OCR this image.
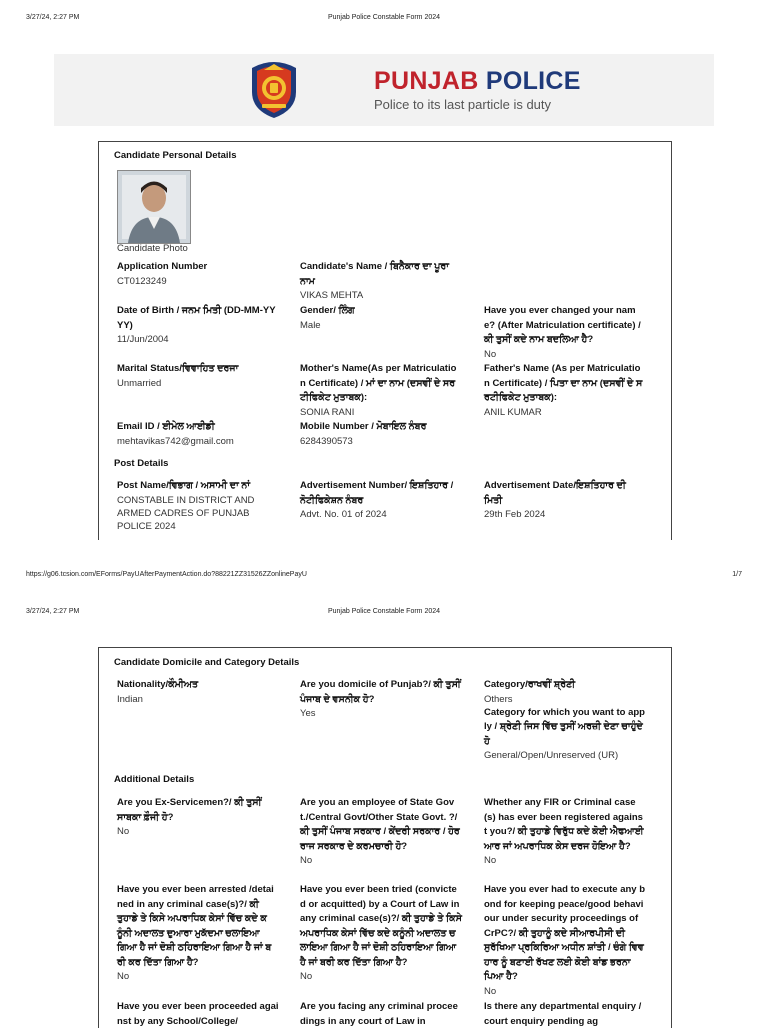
3/27/24, 2:27 PM	Punjab Police Constable Form 2024
PUNJAB POLICE
Police to its last particle is duty
Candidate Personal Details
Candidate Photo
Application Number
CT0123249
Candidate's Name / ਬਿਨੈਕਾਰ ਦਾ ਪੂਰਾ ਨਾਮ
VIKAS MEHTA
Date of Birth / ਜਨਮ ਮਿਤੀ (DD-MM-YYYY)
11/Jun/2004
Gender/ ਲਿੰਗ
Male
Have you ever changed your name? (After Matriculation certificate) / ਕੀ ਤੁਸੀਂ ਕਦੇ ਨਾਮ ਬਦਲਿਆ ਹੈ?
No
Marital Status/ਵਿਵਾਹਿਤ ਦਰਜਾ
Unmarried
Mother's Name(As per Matriculation Certificate) / ਮਾਂ ਦਾ ਨਾਮ (ਦਸਵੀਂ ਦੇ ਸਰਟੀਫਿਕੇਟ ਮੁਤਾਬਕ):
SONIA RANI
Father's Name (As per Matriculation Certificate) / ਪਿਤਾ ਦਾ ਨਾਮ (ਦਸਵੀਂ ਦੇ ਸਰਟੀਫਿਕੇਟ ਮੁਤਾਬਕ):
ANIL KUMAR
Email ID / ਈਮੇਲ ਆਈਡੀ
mehtavikas742@gmail.com
Mobile Number / ਮੋਬਾਇਲ ਨੰਬਰ
6284390573
Post Details
Post Name/ਵਿਭਾਗ / ਅਸਾਮੀ ਦਾ ਨਾਂ
CONSTABLE IN DISTRICT AND ARMED CADRES OF PUNJAB POLICE 2024
Advertisement Number/ ਇਸ਼ਤਿਹਾਰ / ਨੋਟੀਫਿਕੇਸ਼ਨ ਨੰਬਰ
Advt. No. 01 of 2024
Advertisement Date/ਇਸ਼ਤਿਹਾਰ ਦੀ ਮਿਤੀ
29th Feb 2024
https://g06.tcsion.com/EForms/PayUAfterPaymentAction.do?88221ZZ31526ZZonlinePayU	1/7
3/27/24, 2:27 PM	Punjab Police Constable Form 2024
Candidate Domicile and Category Details
Nationality/ਕੌਮੀਅਤ
Indian
Are you domicile of Punjab?/ ਕੀ ਤੁਸੀਂ ਪੰਜਾਬ ਦੇ ਵਸਨੀਕ ਹੋ?
Yes
Category/ਰਾਖਵੀਂ ਸ਼੍ਰੇਣੀ
Others
Category for which you want to apply / ਸ਼੍ਰੇਣੀ ਜਿਸ ਵਿੱਚ ਤੁਸੀਂ ਅਰਜ਼ੀ ਦੇਣਾ ਚਾਹੁੰਦੇ ਹੋ
General/Open/Unreserved (UR)
Additional Details
Are you Ex-Servicemen?/ ਕੀ ਤੁਸੀਂ ਸਾਬਕਾ ਫ਼ੌਜੀ ਹੋ?
No
Are you an employee of State Govt./Central Govt/Other State Govt. ?/ ਕੀ ਤੁਸੀਂ ਪੰਜਾਬ ਸਰਕਾਰ / ਕੇਂਦਰੀ ਸਰਕਾਰ / ਹੋਰ ਰਾਜ ਸਰਕਾਰ ਦੇ ਕਰਮਚਾਰੀ ਹੋ?
No
Whether any FIR or Criminal case(s) has ever been registered against you?/ ਕੀ ਤੁਹਾਡੇ ਵਿਰੁੱਧ ਕਦੇ ਕੋਈ ਐਫਆਈਆਰ ਜਾਂ ਅਪਰਾਧਿਕ ਕੇਸ ਦਰਜ ਹੋਇਆ ਹੈ?
No
Have you ever been arrested /detained in any criminal case(s)?/ ਕੀ ਤੁਹਾਡੇ ਤੇ ਕਿਸੇ ਅਪਰਾਧਿਕ ਕੇਸਾਂ ਵਿੱਚ ਕਦੇ ਕਨੂੰਨੀ ਅਦਾਲਤ ਦੁਆਰਾ ਮੁਕੱਦਮਾ ਚਲਾਇਆ ਗਿਆ ਹੈ ਜਾਂ ਦੋਸ਼ੀ ਠਹਿਰਾਇਆ ਗਿਆ ਹੈ ਜਾਂ ਬਰੀ ਕਰ ਦਿੱਤਾ ਗਿਆ ਹੈ?
No
Have you ever been tried (convicted or acquitted) by a Court of Law in any criminal case(s)?/ ਕੀ ਤੁਹਾਡੇ ਤੇ ਕਿਸੇ ਅਪਰਾਧਿਕ ਕੇਸਾਂ ਵਿੱਚ ਕਦੇ ਕਨੂੰਨੀ ਅਦਾਲਤ ਚਲਾਇਆ ਗਿਆ ਹੈ ਜਾਂ ਦੋਸ਼ੀ ਠਹਿਰਾਇਆ ਗਿਆ ਹੈ ਜਾਂ ਬਰੀ ਕਰ ਦਿੱਤਾ ਗਿਆ ਹੈ?
No
Have you ever had to execute any bond for keeping peace/good behaviour under security proceedings of CrPC?/ ਕੀ ਤੁਹਾਨੂੰ ਕਦੇ ਸੀਆਰਪੀਸੀ ਦੀ ਸੁਰੱਖਿਆ ਪ੍ਰਕਿਰਿਆ ਅਧੀਨ ਸ਼ਾਂਤੀ / ਚੰਗੇ ਵਿਵਹਾਰ ਨੂੰ ਬਣਾਈ ਰੱਖਣ ਲਈ ਕੋਈ ਬਾਂਡ ਭਰਨਾ ਪਿਆ ਹੈ?
No
Have you ever been proceeded against by any School/College/
Are you facing any criminal proceedings in any court of Law in
Is there any departmental enquiry / court enquiry pending ag
